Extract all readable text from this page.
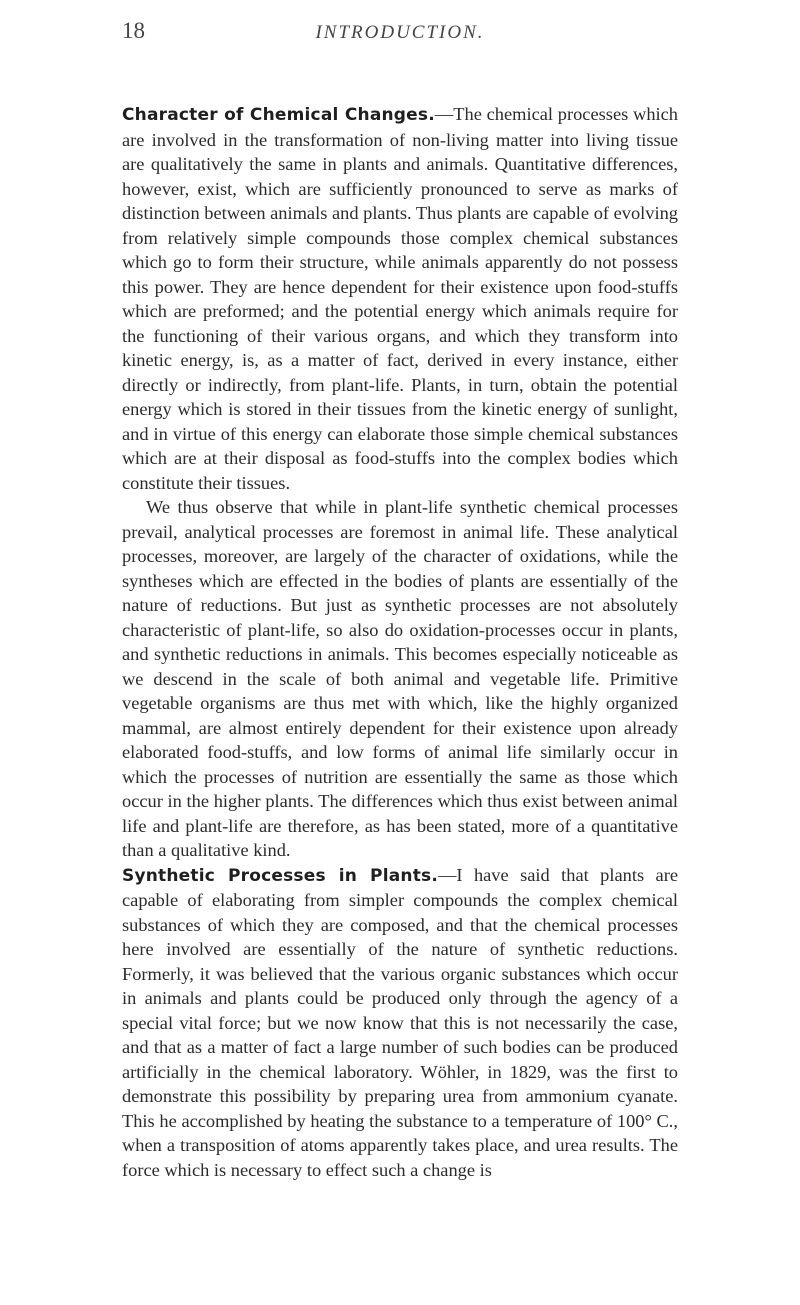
18	INTRODUCTION.

Character of Chemical Changes.—The chemical processes which are involved in the transformation of non-living matter into living tissue are qualitatively the same in plants and animals. Quantitative differences, however, exist, which are sufficiently pronounced to serve as marks of distinction between animals and plants. Thus plants are capable of evolving from relatively simple compounds those complex chemical substances which go to form their structure, while animals apparently do not possess this power. They are hence dependent for their existence upon food-stuffs which are preformed; and the potential energy which animals require for the functioning of their various organs, and which they transform into kinetic energy, is, as a matter of fact, derived in every instance, either directly or indirectly, from plant-life. Plants, in turn, obtain the potential energy which is stored in their tissues from the kinetic energy of sunlight, and in virtue of this energy can elaborate those simple chemical substances which are at their disposal as food-stuffs into the complex bodies which constitute their tissues.

We thus observe that while in plant-life synthetic chemical processes prevail, analytical processes are foremost in animal life. These analytical processes, moreover, are largely of the character of oxidations, while the syntheses which are effected in the bodies of plants are essentially of the nature of reductions. But just as synthetic processes are not absolutely characteristic of plant-life, so also do oxidation-processes occur in plants, and synthetic reductions in animals. This becomes especially noticeable as we descend in the scale of both animal and vegetable life. Primitive vegetable organisms are thus met with which, like the highly organized mammal, are almost entirely dependent for their existence upon already elaborated food-stuffs, and low forms of animal life similarly occur in which the processes of nutrition are essentially the same as those which occur in the higher plants. The differences which thus exist between animal life and plant-life are therefore, as has been stated, more of a quantitative than a qualitative kind.

Synthetic Processes in Plants.—I have said that plants are capable of elaborating from simpler compounds the complex chemical substances of which they are composed, and that the chemical processes here involved are essentially of the nature of synthetic reductions. Formerly, it was believed that the various organic substances which occur in animals and plants could be produced only through the agency of a special vital force; but we now know that this is not necessarily the case, and that as a matter of fact a large number of such bodies can be produced artificially in the chemical laboratory. Wöhler, in 1829, was the first to demonstrate this possibility by preparing urea from ammonium cyanate. This he accomplished by heating the substance to a temperature of 100° C., when a transposition of atoms apparently takes place, and urea results. The force which is necessary to effect such a change is
